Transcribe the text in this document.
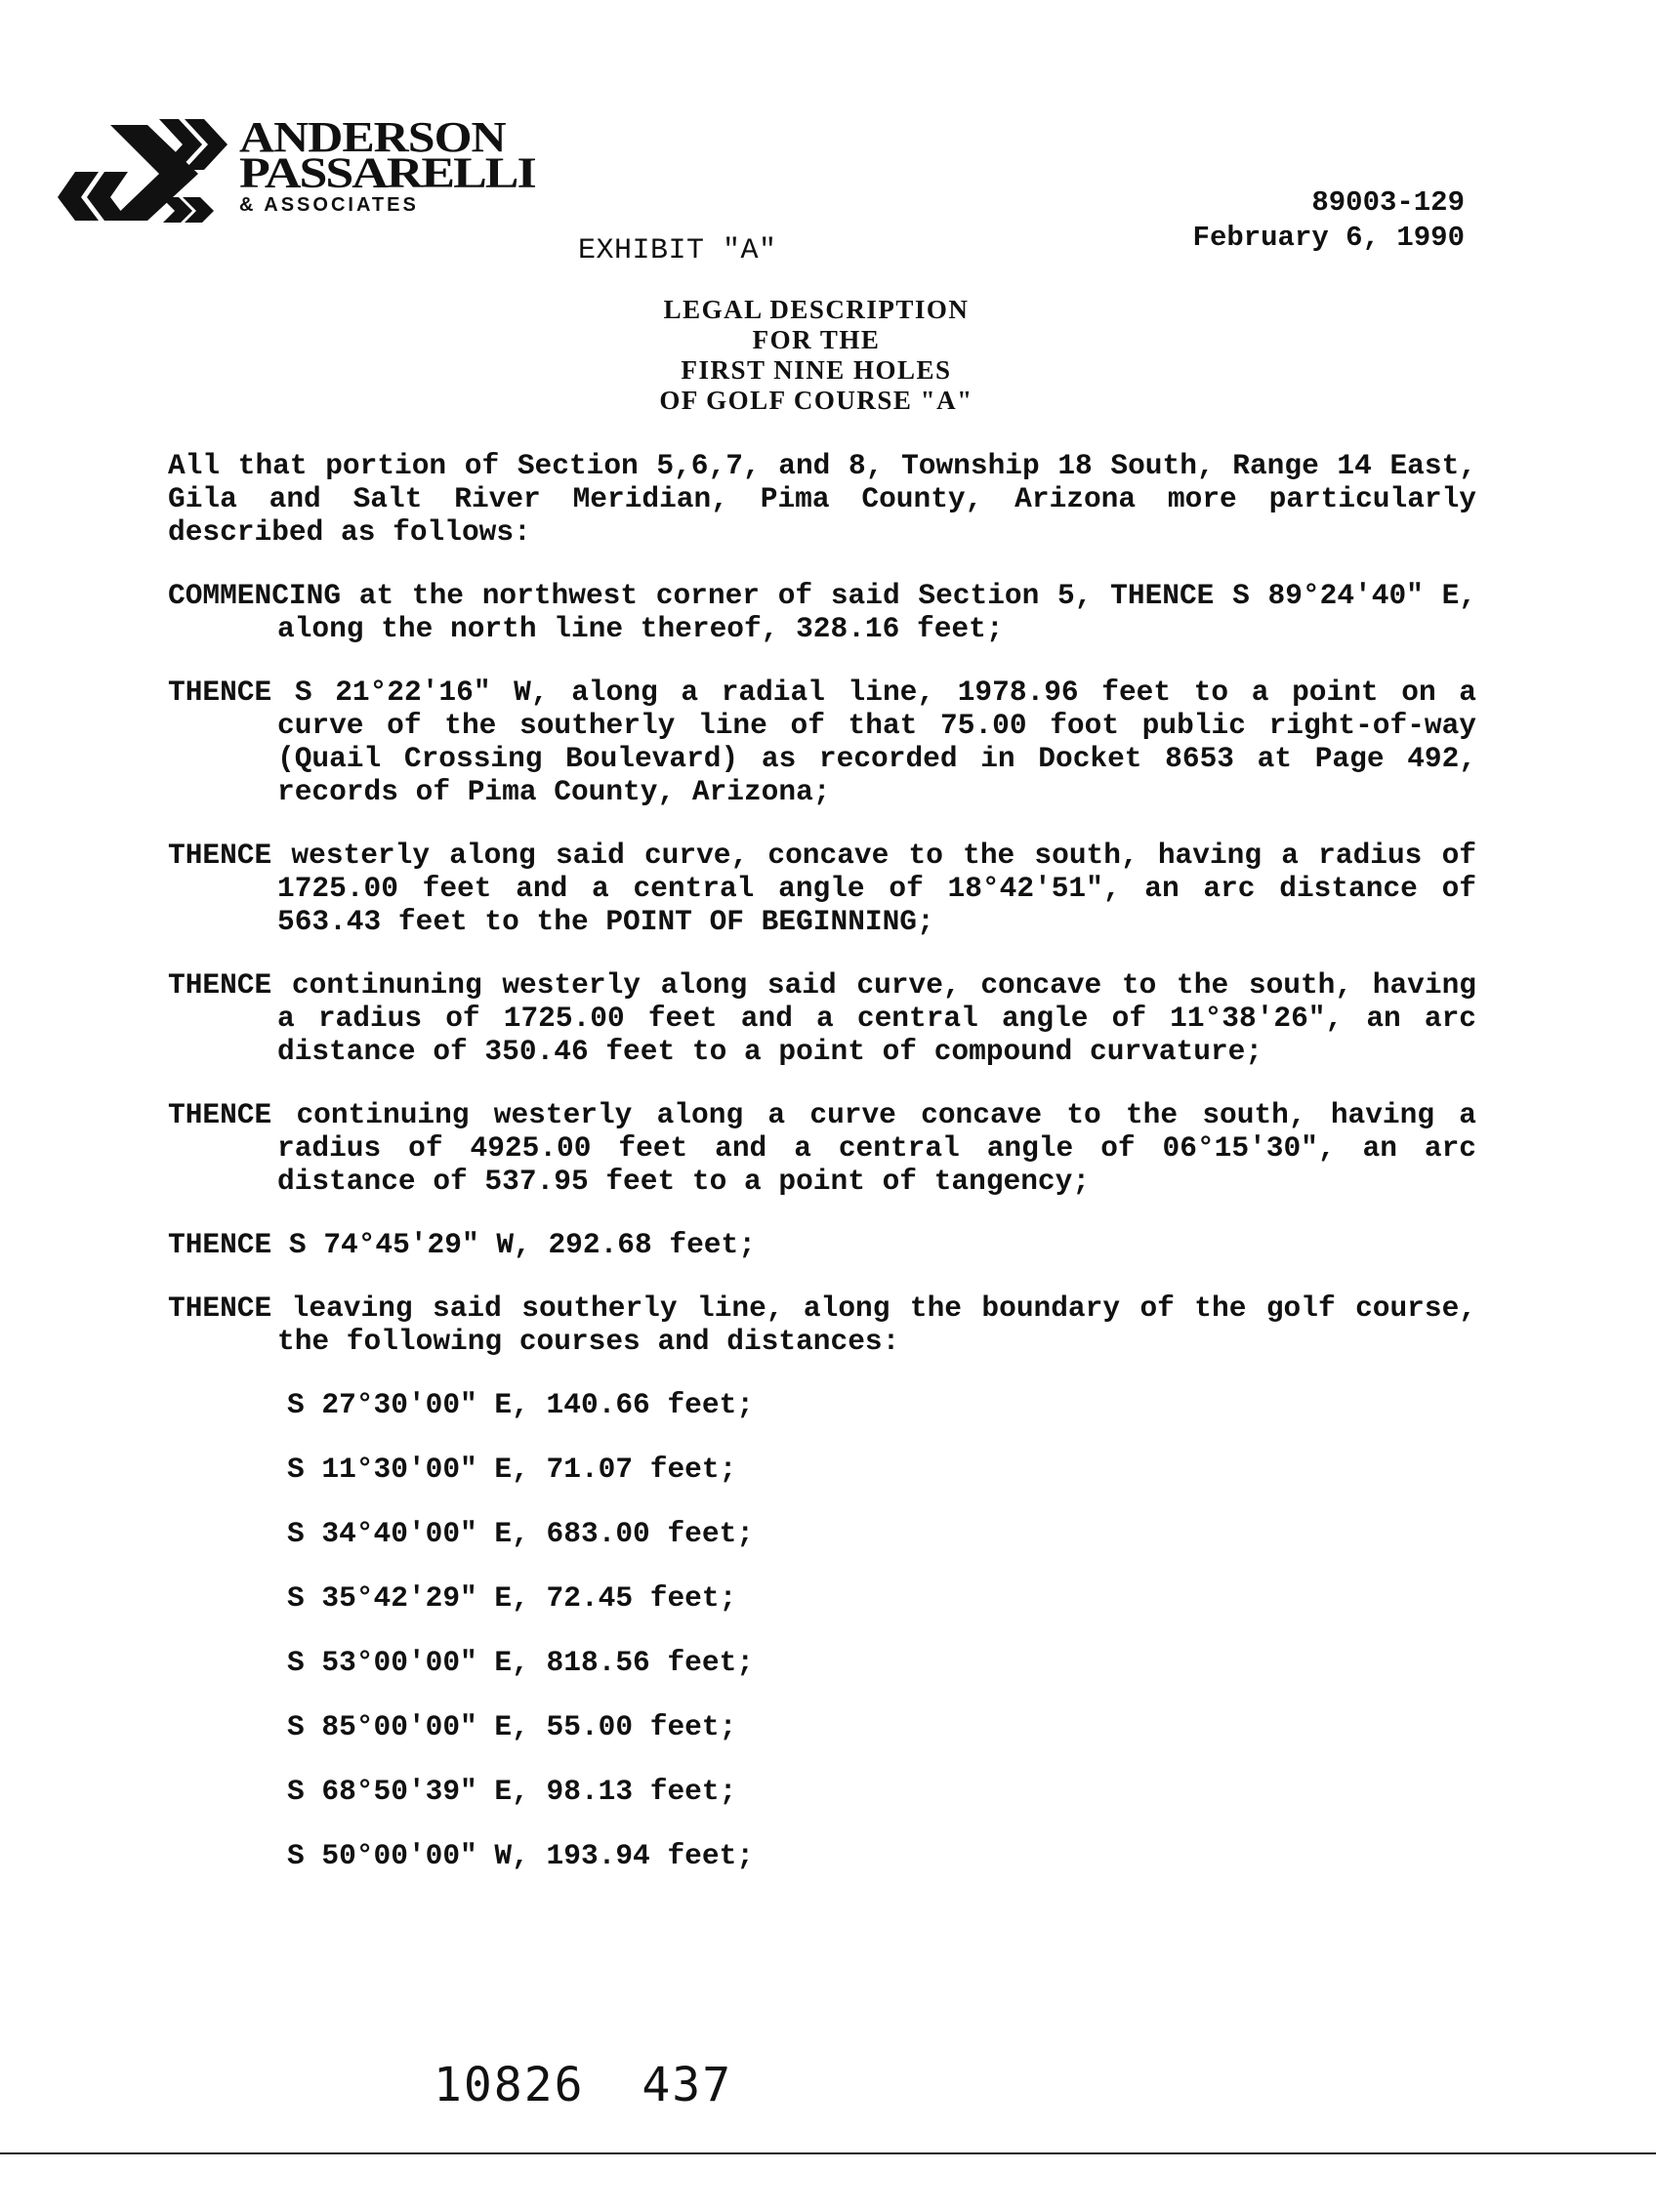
ANDERSON
PASSARELLI
& ASSOCIATES	89003-129
February 6, 1990
EXHIBIT "A"
LEGAL DESCRIPTION
FOR THE
FIRST NINE HOLES
OF GOLF COURSE "A"

All that portion of Section 5,6,7, and 8, Township 18 South, Range 14 East, Gila and Salt River Meridian, Pima County, Arizona more particularly described as follows:

COMMENCING at the northwest corner of said Section 5, THENCE S 89°24'40" E, along the north line thereof, 328.16 feet;

THENCE S 21°22'16" W, along a radial line, 1978.96 feet to a point on a curve of the southerly line of that 75.00 foot public right-of-way (Quail Crossing Boulevard) as recorded in Docket 8653 at Page 492, records of Pima County, Arizona;

THENCE westerly along said curve, concave to the south, having a radius of 1725.00 feet and a central angle of 18°42'51", an arc distance of 563.43 feet to the POINT OF BEGINNING;

THENCE continuning westerly along said curve, concave to the south, having a radius of 1725.00 feet and a central angle of 11°38'26", an arc distance of 350.46 feet to a point of compound curvature;

THENCE continuing westerly along a curve concave to the south, having a radius of 4925.00 feet and a central angle of 06°15'30", an arc distance of 537.95 feet to a point of tangency;

THENCE S 74°45'29" W, 292.68 feet;

THENCE leaving said southerly line, along the boundary of the golf course, the following courses and distances:

S 27°30'00" E, 140.66 feet;
S 11°30'00" E, 71.07 feet;
S 34°40'00" E, 683.00 feet;
S 35°42'29" E, 72.45 feet;
S 53°00'00" E, 818.56 feet;
S 85°00'00" E, 55.00 feet;
S 68°50'39" E, 98.13 feet;
S 50°00'00" W, 193.94 feet;
10826 437
